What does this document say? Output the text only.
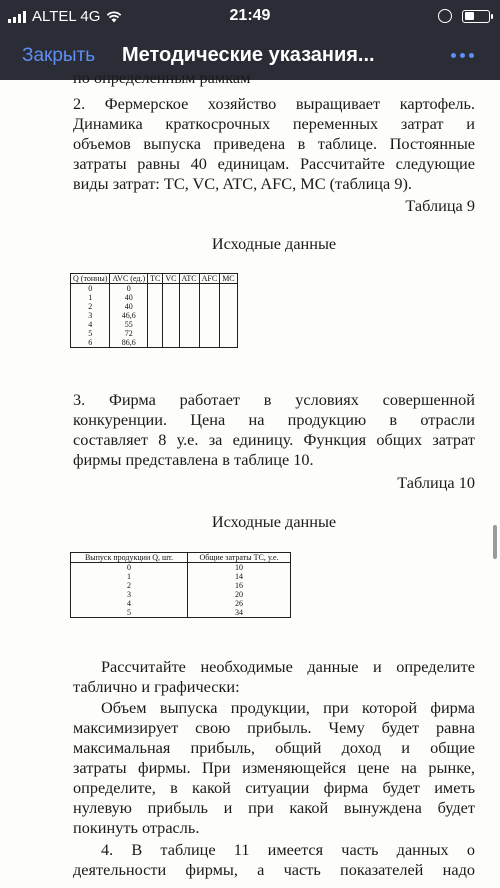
ALTEL 4G	21:49
Закрыть Методические указания...
по определенным рамкам
2. Фермерское хозяйство выращивает картофель.
Динамика краткосрочных переменных затрат и
объемов выпуска приведена в таблице. Постоянные
затраты равны 40 единицам. Рассчитайте следующие
виды затрат: TC, VC, ATC, AFC, MC (таблица 9).
Таблица 9
Исходные данные
Q (тонны)	AVC (ед.)	TC	VC	ATC	AFC	MC
0	0					
1	40					
2	40					
3	46,6					
4	55					
5	72					
6	86,6					
3. Фирма работает в условиях совершенной
конкуренции. Цена на продукцию в отрасли
составляет 8 у.е. за единицу. Функция общих затрат
фирмы представлена в таблице 10.
Таблица 10
Исходные данные
Выпуск продукции Q, шт.	Общие затраты TC, у.е.
0	10
1	14
2	16
3	20
4	26
5	34
Рассчитайте необходимые данные и определите
таблично и графически:
Объем выпуска продукции, при которой фирма
максимизирует свою прибыль. Чему будет равна
максимальная прибыль, общий доход и общие
затраты фирмы. При изменяющейся цене на рынке,
определите, в какой ситуации фирма будет иметь
нулевую прибыль и при какой вынуждена будет
покинуть отрасль.
4. В таблице 11 имеется часть данных о
деятельности фирмы, а часть показателей надо
